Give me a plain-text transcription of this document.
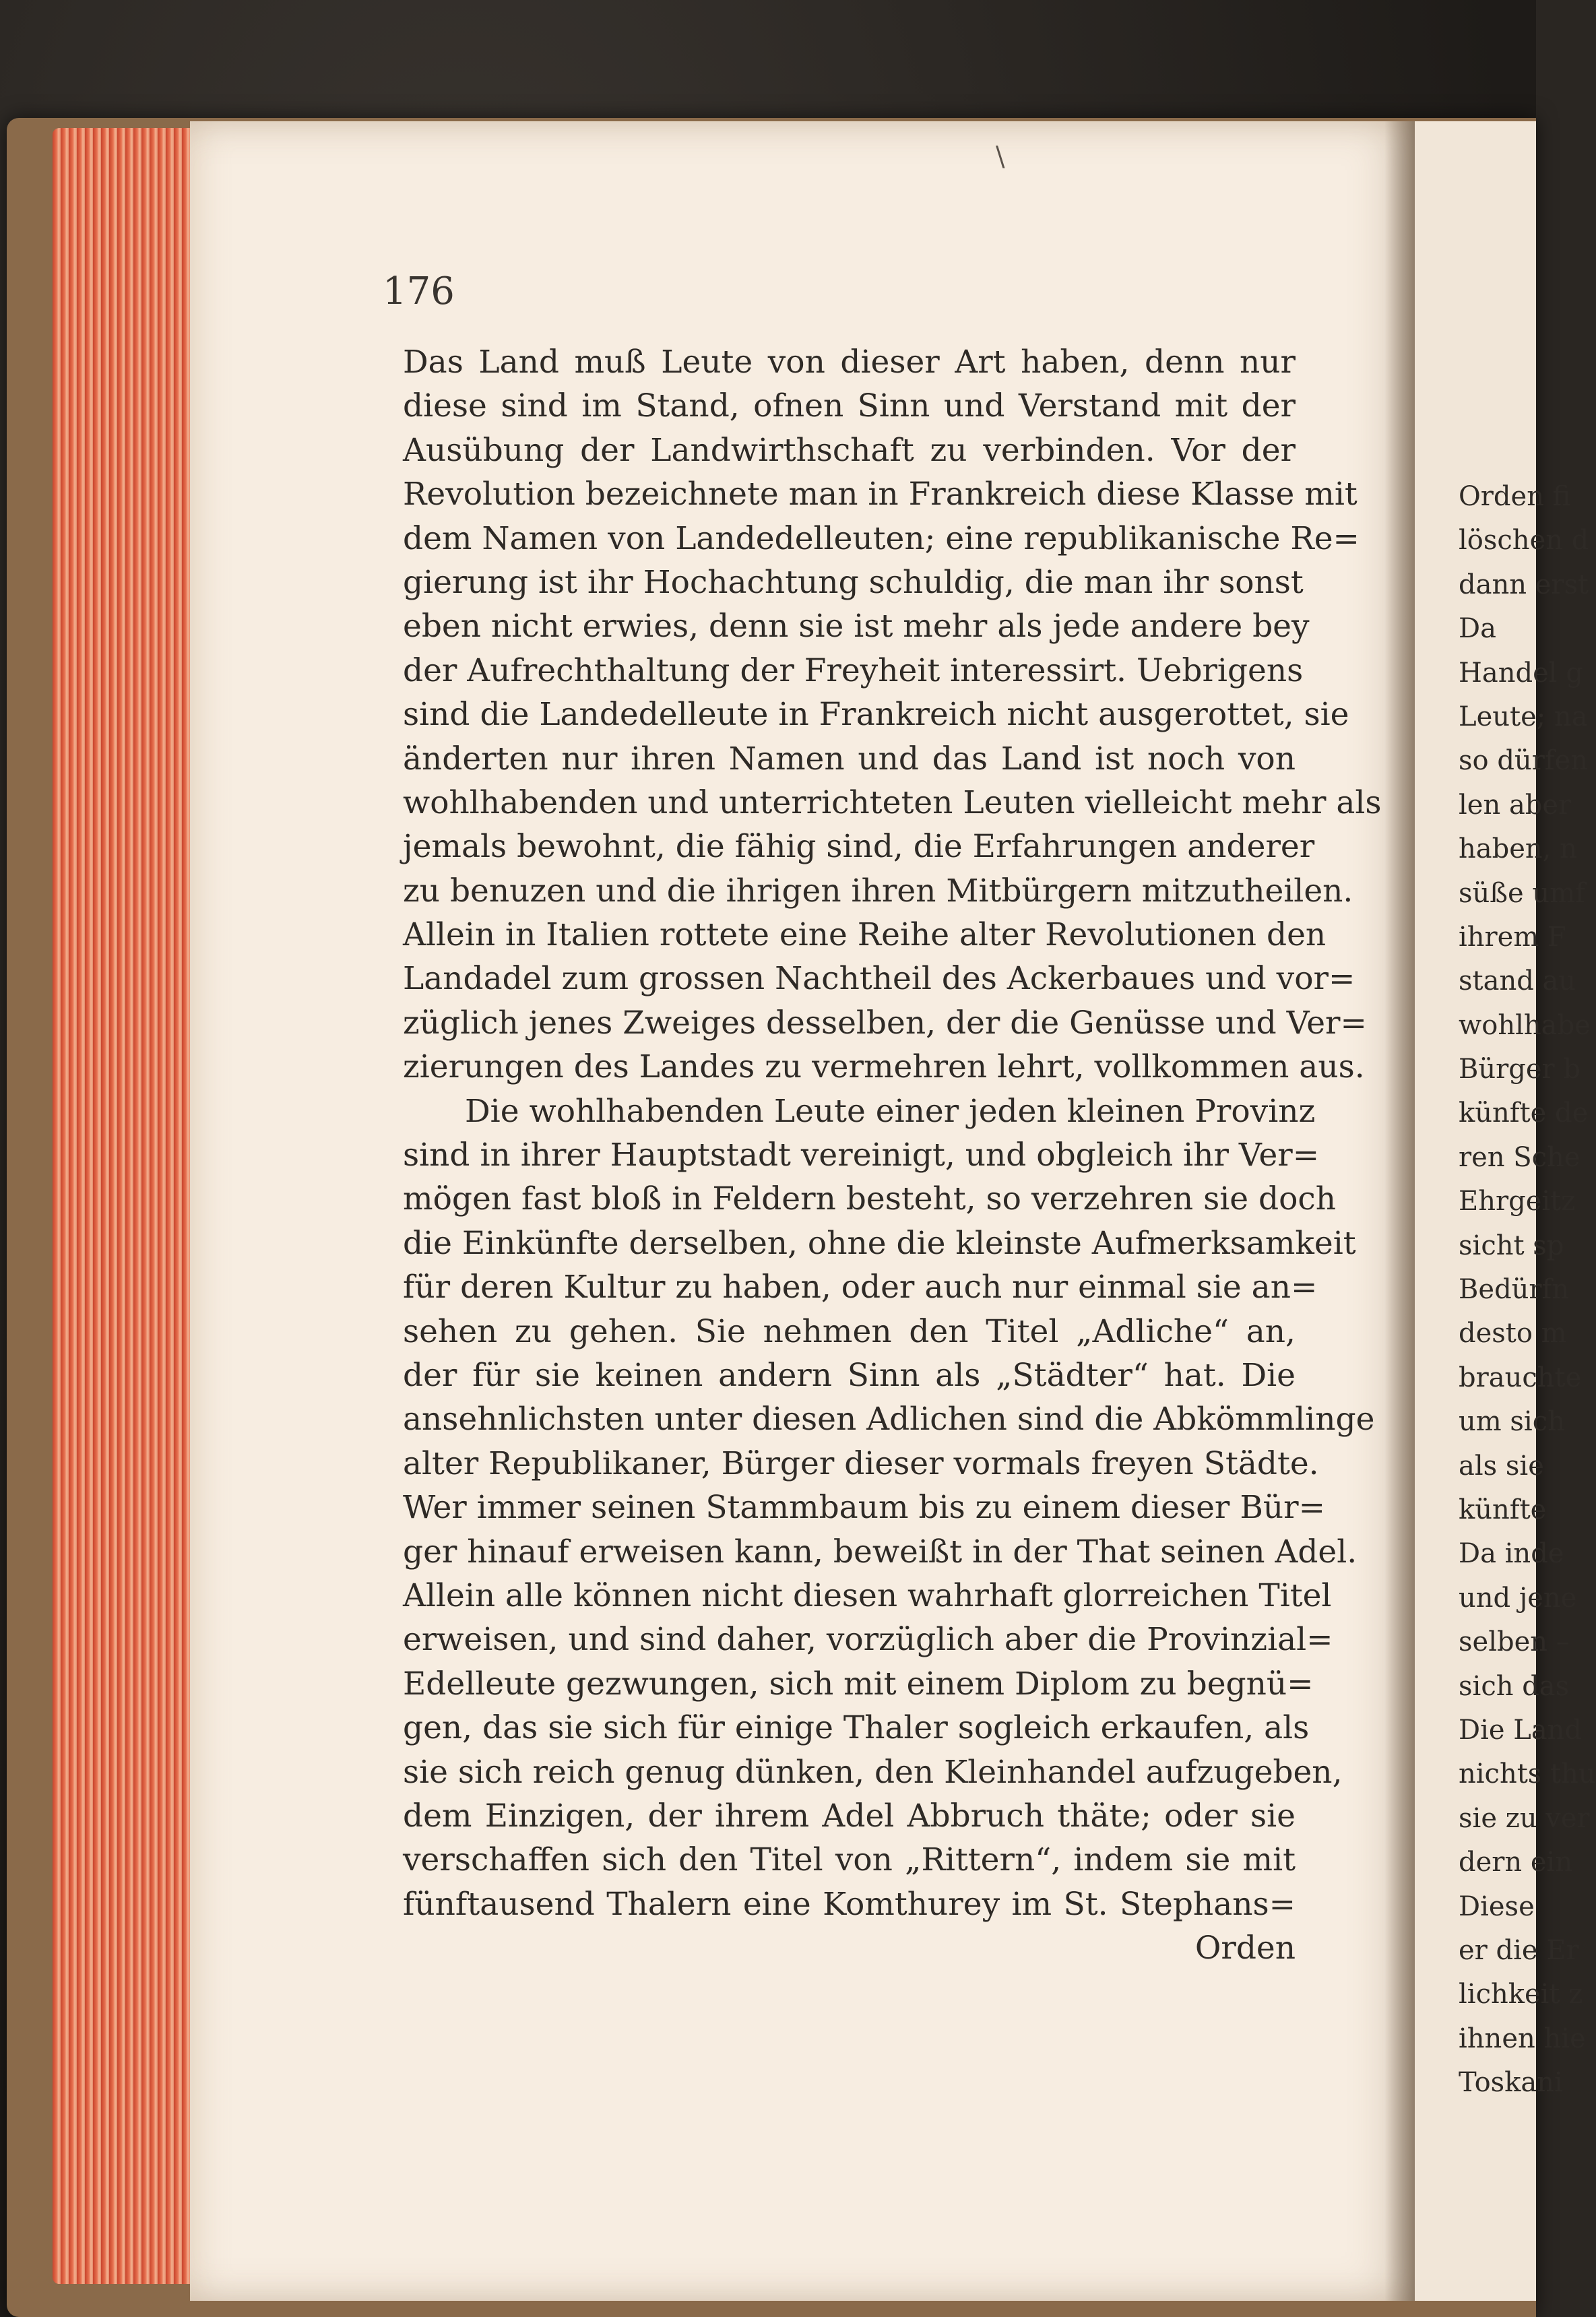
Orden fi
löschen d
dann erst
Da
Handel g
Leute; na
so dürfen
len aber
haben, n
süße umf
ihrem F
stand au
wohlhabe
Bürger b
künfte de
ren Sche
Ehrgeitz
sicht sp
Bedürfn
desto m
brauchte
um sich
als sie
künfte
Da inde
und jene
selben –
sich das
Die Land
nichts thu
sie zu ver
dern ein
Diese
er die Er
lichkeit z
ihnen hie
Toskani
\
176
Das Land muß Leute von dieser Art haben, denn nur
diese sind im Stand, ofnen Sinn und Verstand mit der
Ausübung der Landwirthschaft zu verbinden. Vor der
Revolution bezeichnete man in Frankreich diese Klasse mit
dem Namen von Landedelleuten; eine republikanische Re=
gierung ist ihr Hochachtung schuldig, die man ihr sonst
eben nicht erwies, denn sie ist mehr als jede andere bey
der Aufrechthaltung der Freyheit interessirt. Uebrigens
sind die Landedelleute in Frankreich nicht ausgerottet, sie
änderten nur ihren Namen und das Land ist noch von
wohlhabenden und unterrichteten Leuten vielleicht mehr als
jemals bewohnt, die fähig sind, die Erfahrungen anderer
zu benuzen und die ihrigen ihren Mitbürgern mitzutheilen.
Allein in Italien rottete eine Reihe alter Revolutionen den
Landadel zum grossen Nachtheil des Ackerbaues und vor=
züglich jenes Zweiges desselben, der die Genüsse und Ver=
zierungen des Landes zu vermehren lehrt, vollkommen aus.
Die wohlhabenden Leute einer jeden kleinen Provinz
sind in ihrer Hauptstadt vereinigt, und obgleich ihr Ver=
mögen fast bloß in Feldern besteht, so verzehren sie doch
die Einkünfte derselben, ohne die kleinste Aufmerksamkeit
für deren Kultur zu haben, oder auch nur einmal sie an=
sehen zu gehen. Sie nehmen den Titel „Adliche“ an,
der für sie keinen andern Sinn als „Städter“ hat. Die
ansehnlichsten unter diesen Adlichen sind die Abkömmlinge
alter Republikaner, Bürger dieser vormals freyen Städte.
Wer immer seinen Stammbaum bis zu einem dieser Bür=
ger hinauf erweisen kann, beweißt in der That seinen Adel.
Allein alle können nicht diesen wahrhaft glorreichen Titel
erweisen, und sind daher, vorzüglich aber die Provinzial=
Edelleute gezwungen, sich mit einem Diplom zu begnü=
gen, das sie sich für einige Thaler sogleich erkaufen, als
sie sich reich genug dünken, den Kleinhandel aufzugeben,
dem Einzigen, der ihrem Adel Abbruch thäte; oder sie
verschaffen sich den Titel von „Rittern“, indem sie mit
fünftausend Thalern eine Komthurey im St. Stephans=
Orden
